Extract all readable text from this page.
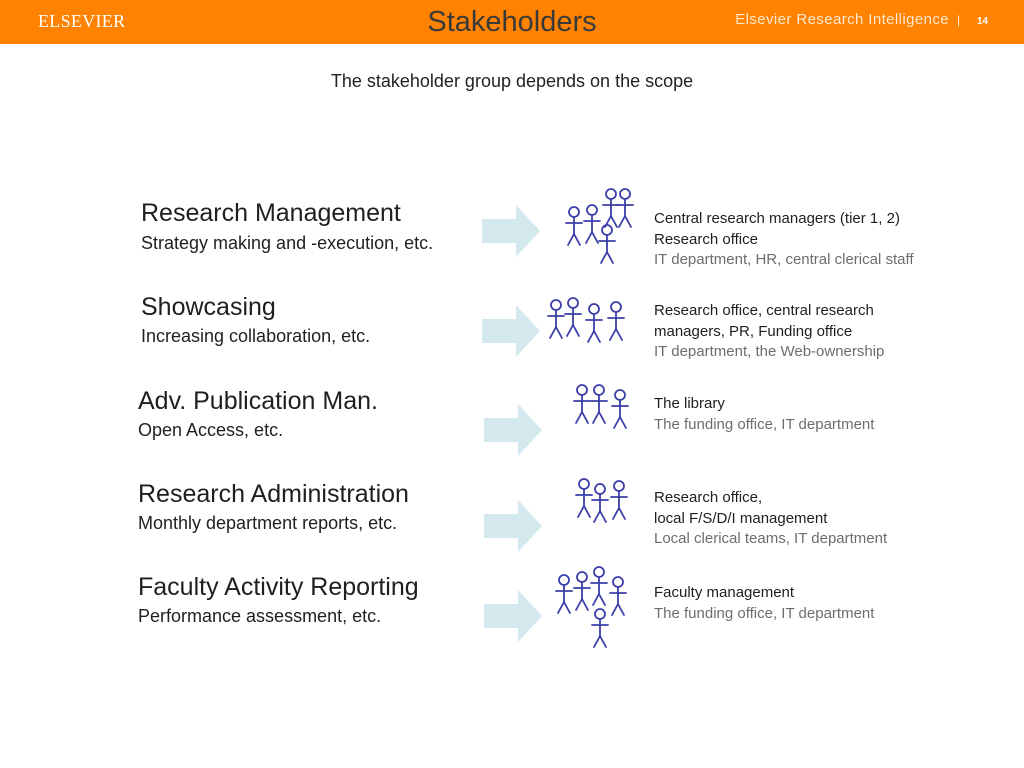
ELSEVIER	Stakeholders	Elsevier Research Intelligence | 14
The stakeholder group depends on the scope
Research Management
Strategy making and -execution, etc.
Central research managers (tier 1, 2)
Research office
IT department, HR, central clerical staff
Showcasing
Increasing collaboration, etc.
Research office, central research
managers, PR, Funding office
IT department, the Web-ownership
Adv. Publication Man.
Open Access, etc.
The library
The funding office, IT department
Research Administration
Monthly department reports, etc.
Research office,
local F/S/D/I management
Local clerical teams, IT department
Faculty Activity Reporting
Performance assessment, etc.
Faculty management
The funding office, IT department
